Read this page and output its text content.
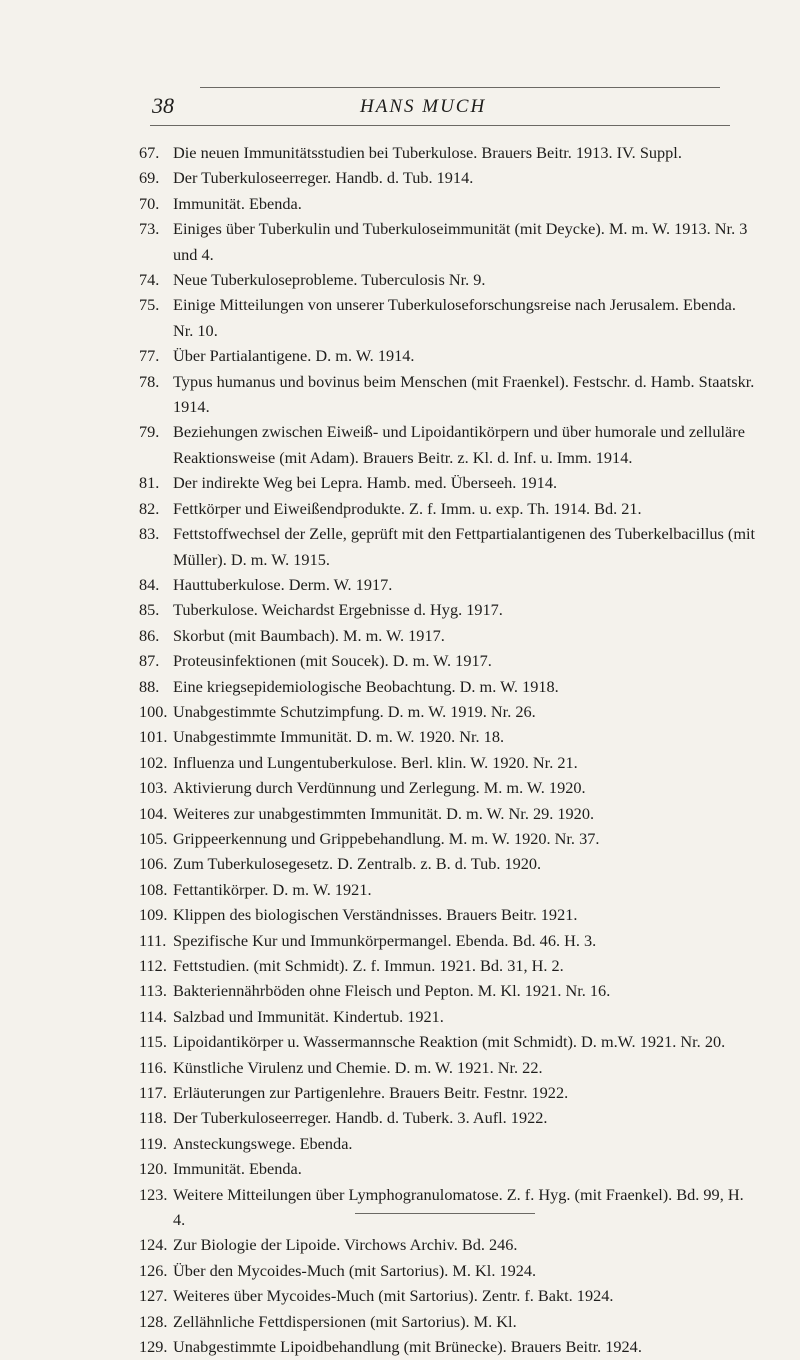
38	HANS MUCH
67. Die neuen Immunitätsstudien bei Tuberkulose. Brauers Beitr. 1913. IV. Suppl.
69. Der Tuberkuloseerreger. Handb. d. Tub. 1914.
70. Immunität. Ebenda.
73. Einiges über Tuberkulin und Tuberkuloseimmunität (mit Deycke). M. m. W. 1913. Nr. 3 und 4.
74. Neue Tuberkuloseprobleme. Tuberculosis Nr. 9.
75. Einige Mitteilungen von unserer Tuberkuloseforschungsreise nach Jerusalem. Ebenda. Nr. 10.
77. Über Partialantigene. D. m. W. 1914.
78. Typus humanus und bovinus beim Menschen (mit Fraenkel). Festschr. d. Hamb. Staatskr. 1914.
79. Beziehungen zwischen Eiweiß- und Lipoidantikörpern und über humorale und zelluläre Reaktionsweise (mit Adam). Brauers Beitr. z. Kl. d. Inf. u. Imm. 1914.
81. Der indirekte Weg bei Lepra. Hamb. med. Überseeh. 1914.
82. Fettkörper und Eiweißendprodukte. Z. f. Imm. u. exp. Th. 1914. Bd. 21.
83. Fettstoffwechsel der Zelle, geprüft mit den Fettpartialantigenen des Tuberkelbacillus (mit Müller). D. m. W. 1915.
84. Hauttuberkulose. Derm. W. 1917.
85. Tuberkulose. Weichardst Ergebnisse d. Hyg. 1917.
86. Skorbut (mit Baumbach). M. m. W. 1917.
87. Proteusinfektionen (mit Soucek). D. m. W. 1917.
88. Eine kriegsepidemiologische Beobachtung. D. m. W. 1918.
100. Unabgestimmte Schutzimpfung. D. m. W. 1919. Nr. 26.
101. Unabgestimmte Immunität. D. m. W. 1920. Nr. 18.
102. Influenza und Lungentuberkulose. Berl. klin. W. 1920. Nr. 21.
103. Aktivierung durch Verdünnung und Zerlegung. M. m. W. 1920.
104. Weiteres zur unabgestimmten Immunität. D. m. W. Nr. 29. 1920.
105. Grippeerkennung und Grippebehandlung. M. m. W. 1920. Nr. 37.
106. Zum Tuberkulosegesetz. D. Zentralb. z. B. d. Tub. 1920.
108. Fettantikörper. D. m. W. 1921.
109. Klippen des biologischen Verständnisses. Brauers Beitr. 1921.
111. Spezifische Kur und Immunkörpermangel. Ebenda. Bd. 46. H. 3.
112. Fettstudien. (mit Schmidt). Z. f. Immun. 1921. Bd. 31, H. 2.
113. Bakteriennährböden ohne Fleisch und Pepton. M. Kl. 1921. Nr. 16.
114. Salzbad und Immunität. Kindertub. 1921.
115. Lipoidantikörper u. Wassermannsche Reaktion (mit Schmidt). D. m.W. 1921. Nr. 20.
116. Künstliche Virulenz und Chemie. D. m. W. 1921. Nr. 22.
117. Erläuterungen zur Partigenlehre. Brauers Beitr. Festnr. 1922.
118. Der Tuberkuloseerreger. Handb. d. Tuberk. 3. Aufl. 1922.
119. Ansteckungswege. Ebenda.
120. Immunität. Ebenda.
123. Weitere Mitteilungen über Lymphogranulomatose. Z. f. Hyg. (mit Fraenkel). Bd. 99, H. 4.
124. Zur Biologie der Lipoide. Virchows Archiv. Bd. 246.
126. Über den Mycoides-Much (mit Sartorius). M. Kl. 1924.
127. Weiteres über Mycoides-Much (mit Sartorius). Zentr. f. Bakt. 1924.
128. Zellähnliche Fettdispersionen (mit Sartorius). M. Kl.
129. Unabgestimmte Lipoidbehandlung (mit Brünecke). Brauers Beitr. 1924.
